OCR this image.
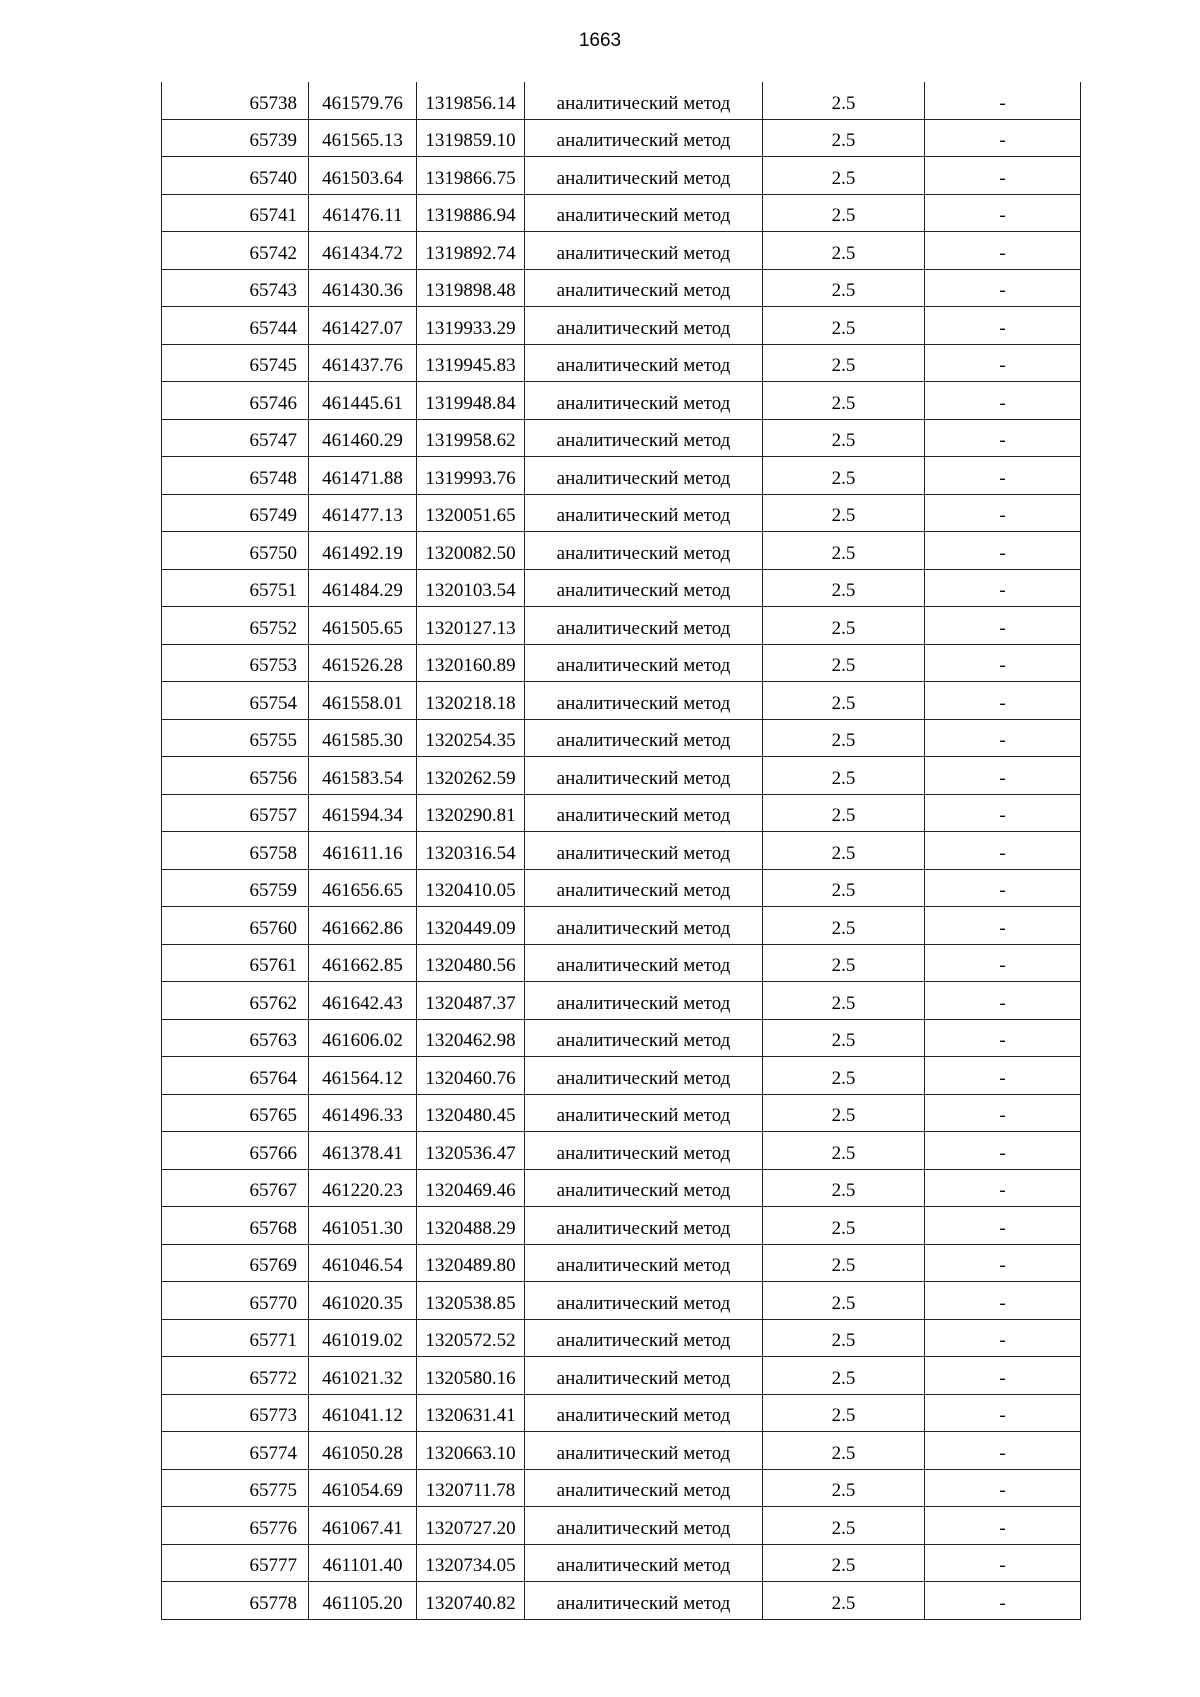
1663
65738	461579.76	1319856.14	аналитический метод	2.5	-

65739	461565.13	1319859.10	аналитический метод	2.5	-

65740	461503.64	1319866.75	аналитический метод	2.5	-

65741	461476.11	1319886.94	аналитический метод	2.5	-

65742	461434.72	1319892.74	аналитический метод	2.5	-

65743	461430.36	1319898.48	аналитический метод	2.5	-

65744	461427.07	1319933.29	аналитический метод	2.5	-

65745	461437.76	1319945.83	аналитический метод	2.5	-

65746	461445.61	1319948.84	аналитический метод	2.5	-

65747	461460.29	1319958.62	аналитический метод	2.5	-

65748	461471.88	1319993.76	аналитический метод	2.5	-

65749	461477.13	1320051.65	аналитический метод	2.5	-

65750	461492.19	1320082.50	аналитический метод	2.5	-

65751	461484.29	1320103.54	аналитический метод	2.5	-

65752	461505.65	1320127.13	аналитический метод	2.5	-

65753	461526.28	1320160.89	аналитический метод	2.5	-

65754	461558.01	1320218.18	аналитический метод	2.5	-

65755	461585.30	1320254.35	аналитический метод	2.5	-

65756	461583.54	1320262.59	аналитический метод	2.5	-

65757	461594.34	1320290.81	аналитический метод	2.5	-

65758	461611.16	1320316.54	аналитический метод	2.5	-

65759	461656.65	1320410.05	аналитический метод	2.5	-

65760	461662.86	1320449.09	аналитический метод	2.5	-

65761	461662.85	1320480.56	аналитический метод	2.5	-

65762	461642.43	1320487.37	аналитический метод	2.5	-

65763	461606.02	1320462.98	аналитический метод	2.5	-

65764	461564.12	1320460.76	аналитический метод	2.5	-

65765	461496.33	1320480.45	аналитический метод	2.5	-

65766	461378.41	1320536.47	аналитический метод	2.5	-

65767	461220.23	1320469.46	аналитический метод	2.5	-

65768	461051.30	1320488.29	аналитический метод	2.5	-

65769	461046.54	1320489.80	аналитический метод	2.5	-

65770	461020.35	1320538.85	аналитический метод	2.5	-

65771	461019.02	1320572.52	аналитический метод	2.5	-

65772	461021.32	1320580.16	аналитический метод	2.5	-

65773	461041.12	1320631.41	аналитический метод	2.5	-

65774	461050.28	1320663.10	аналитический метод	2.5	-

65775	461054.69	1320711.78	аналитический метод	2.5	-

65776	461067.41	1320727.20	аналитический метод	2.5	-

65777	461101.40	1320734.05	аналитический метод	2.5	-

65778	461105.20	1320740.82	аналитический метод	2.5	-
